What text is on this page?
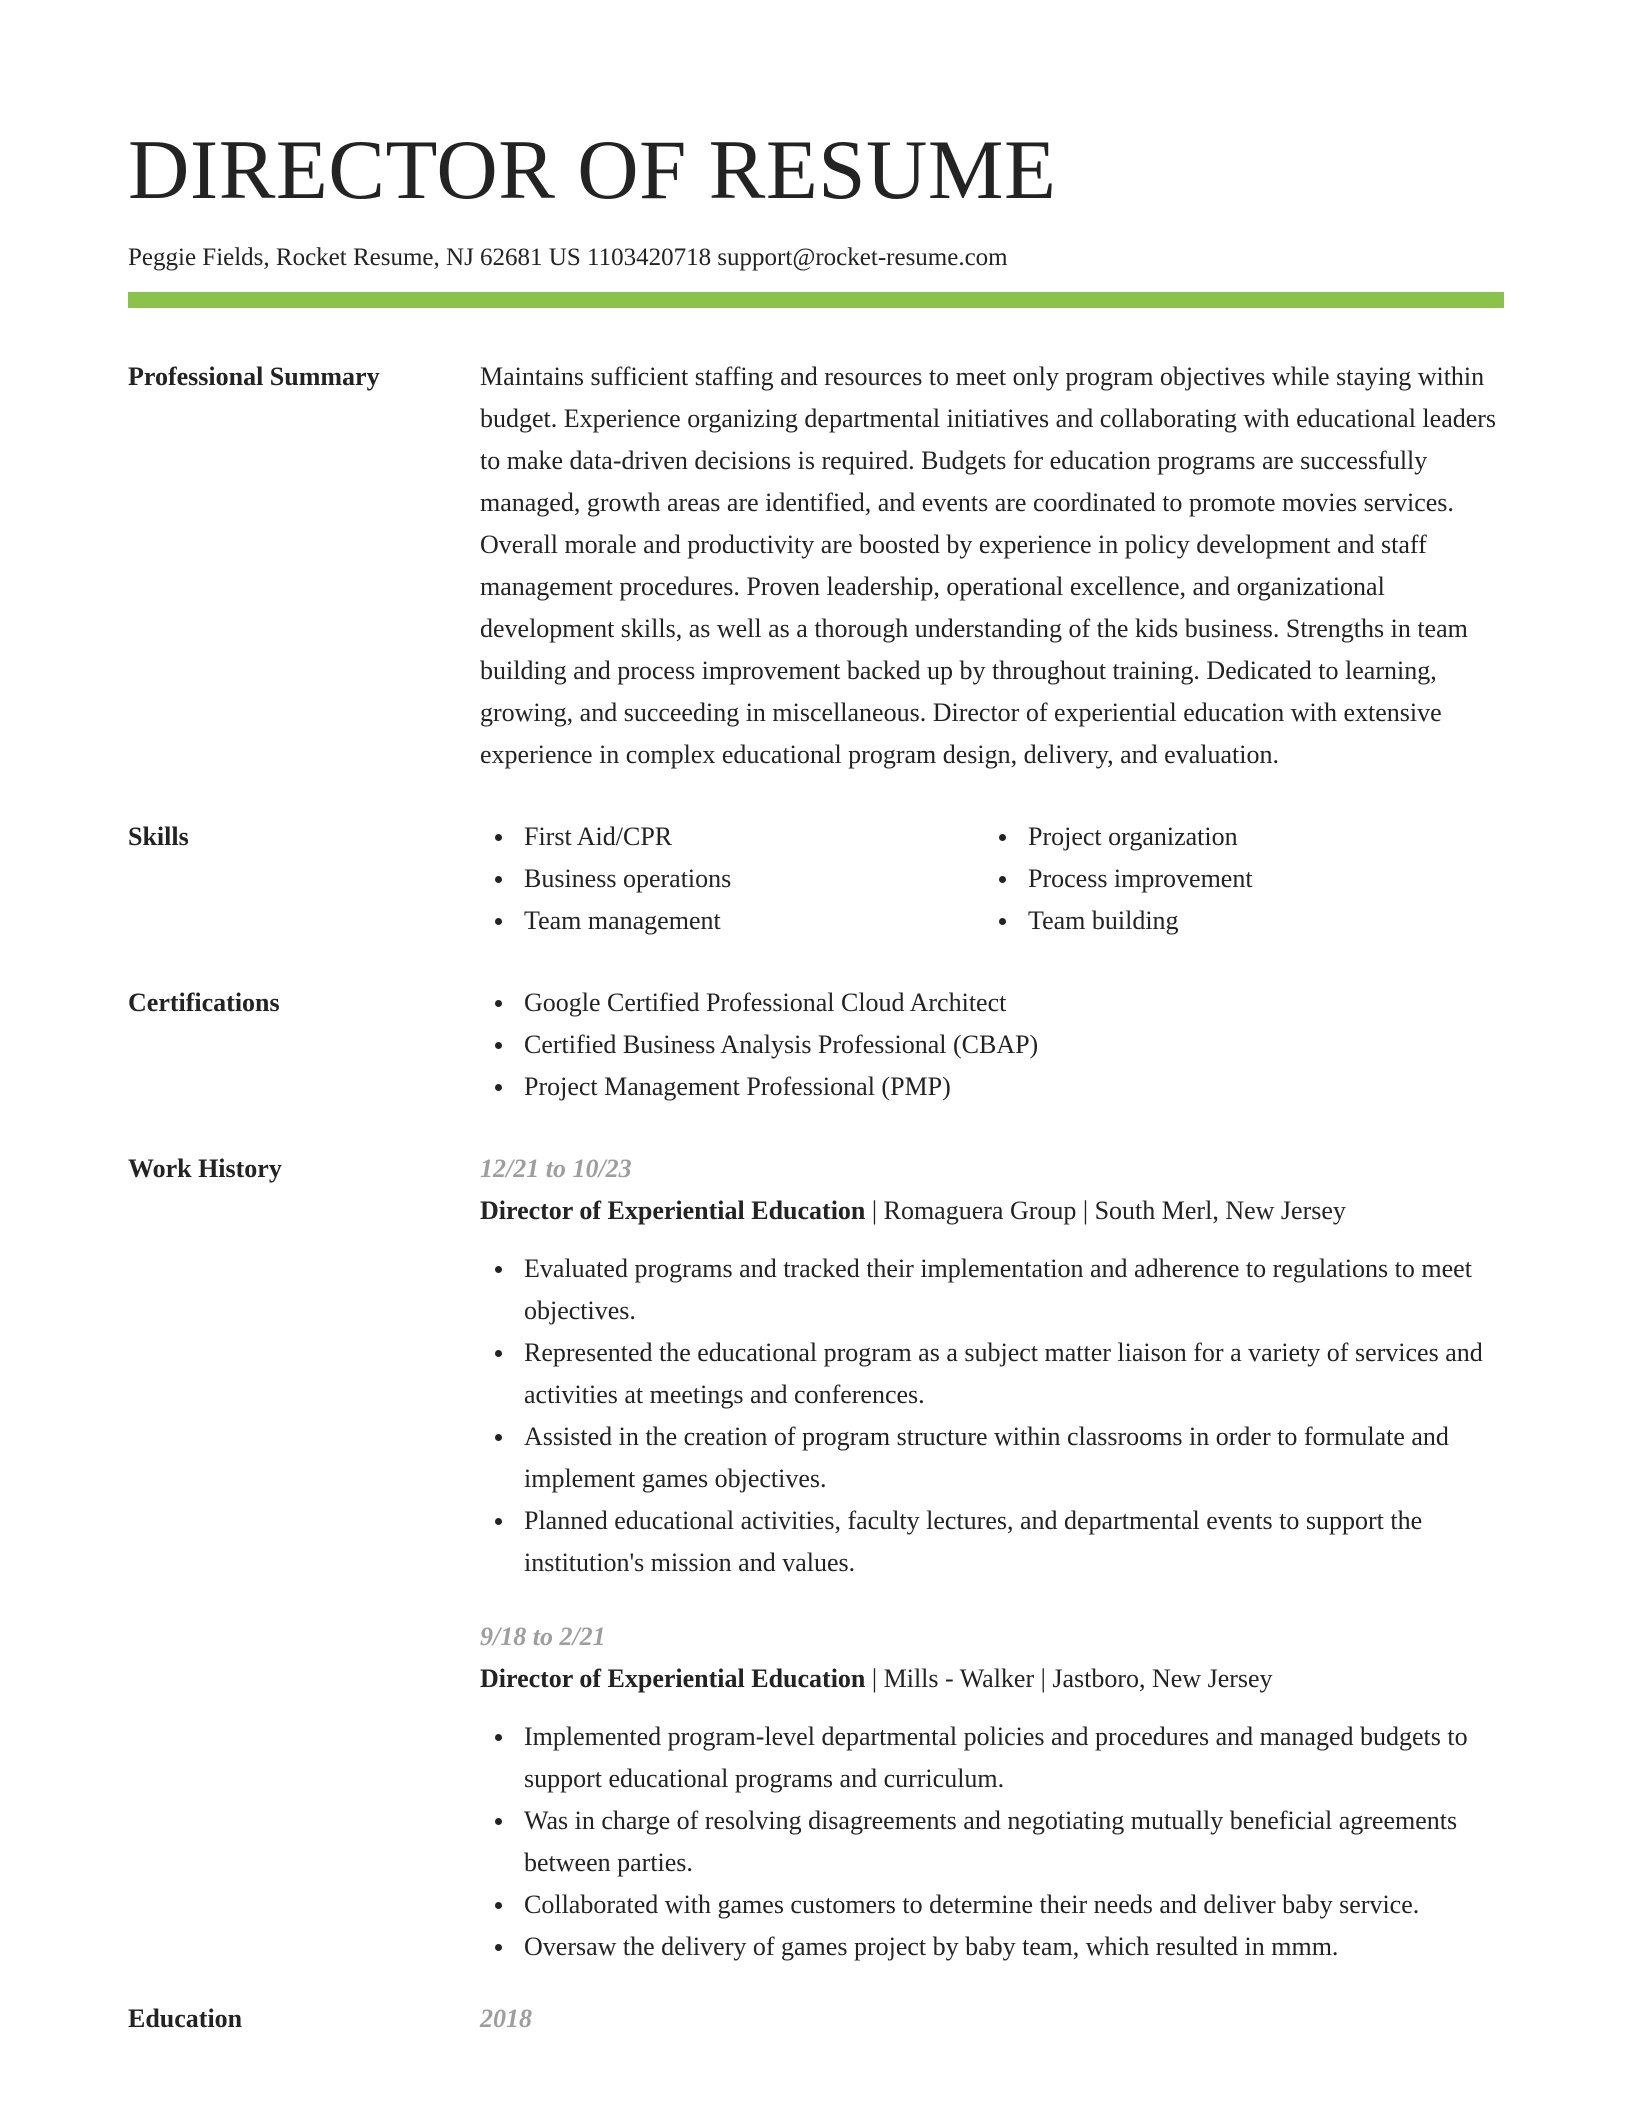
DIRECTOR OF RESUME
Peggie Fields, Rocket Resume, NJ 62681 US 1103420718 support@rocket-resume.com
Professional Summary	Maintains sufficient staffing and resources to meet only program objectives while staying within budget. Experience organizing departmental initiatives and collaborating with educational leaders to make data-driven decisions is required. Budgets for education programs are successfully managed, growth areas are identified, and events are coordinated to promote movies services. Overall morale and productivity are boosted by experience in policy development and staff management procedures. Proven leadership, operational excellence, and organizational development skills, as well as a thorough understanding of the kids business. Strengths in team building and process improvement backed up by throughout training. Dedicated to learning, growing, and succeeding in miscellaneous. Director of experiential education with extensive experience in complex educational program design, delivery, and evaluation.
Skills	First Aid/CPR
Business operations
Team management
Project organization
Process improvement
Team building
Certifications	Google Certified Professional Cloud Architect
Certified Business Analysis Professional (CBAP)
Project Management Professional (PMP)
Work History	12/21 to 10/23
Director of Experiential Education | Romaguera Group | South Merl, New Jersey
Evaluated programs and tracked their implementation and adherence to regulations to meet objectives.
Represented the educational program as a subject matter liaison for a variety of services and activities at meetings and conferences.
Assisted in the creation of program structure within classrooms in order to formulate and implement games objectives.
Planned educational activities, faculty lectures, and departmental events to support the institution's mission and values.
9/18 to 2/21
Director of Experiential Education | Mills - Walker | Jastboro, New Jersey
Implemented program-level departmental policies and procedures and managed budgets to support educational programs and curriculum.
Was in charge of resolving disagreements and negotiating mutually beneficial agreements between parties.
Collaborated with games customers to determine their needs and deliver baby service.
Oversaw the delivery of games project by baby team, which resulted in mmm.
Education	2018
